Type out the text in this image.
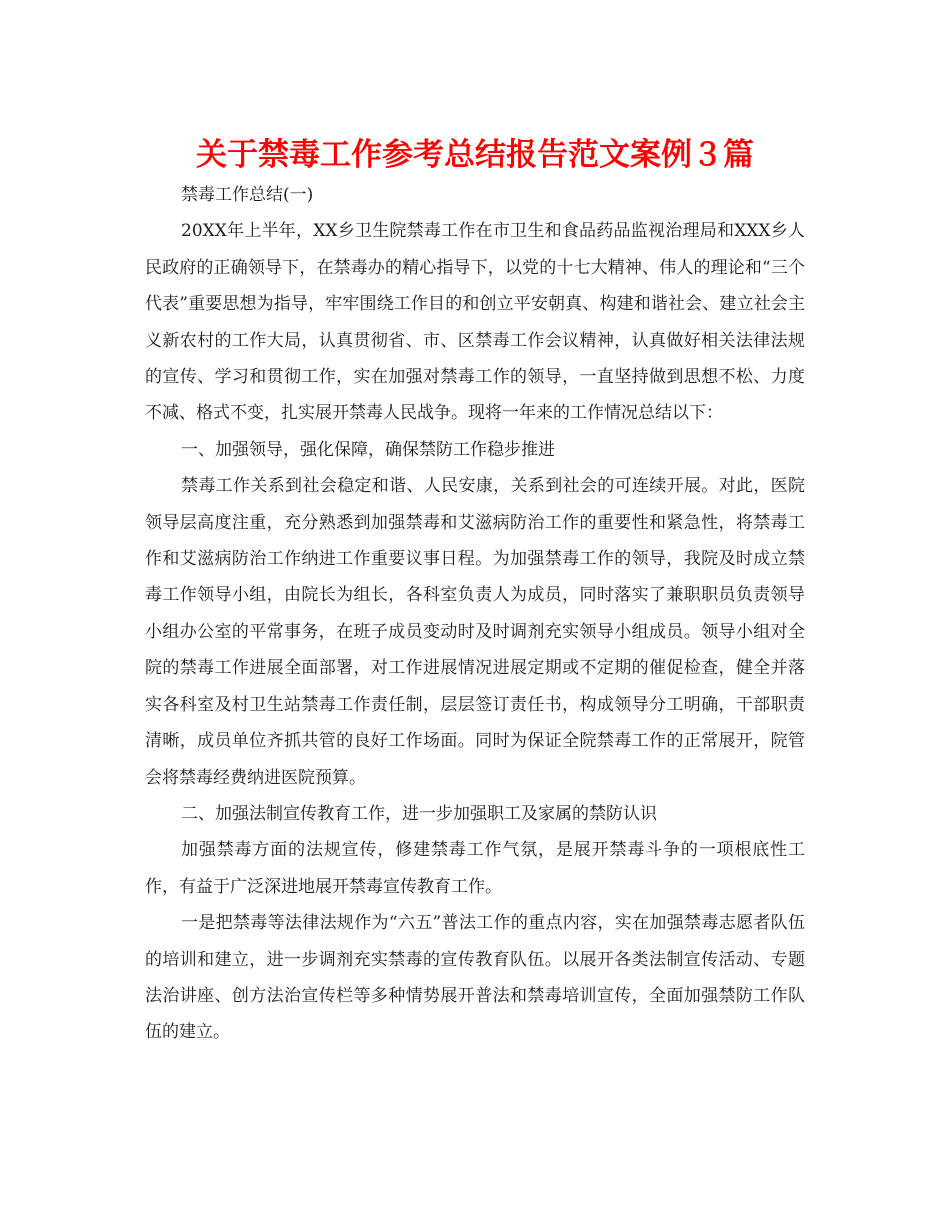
关于禁毒工作参考总结报告范文案例３篇

禁毒工作总结(一)

20XX年上半年，XX乡卫生院禁毒工作在市卫生和食品药品监视治理局和XXX乡人民政府的正确领导下，在禁毒办的精心指导下，以党的十七大精神、伟人的理论和“三个代表”重要思想为指导，牢牢围绕工作目的和创立平安朝真、构建和谐社会、建立社会主义新农村的工作大局，认真贯彻省、市、区禁毒工作会议精神，认真做好相关法律法规的宣传、学习和贯彻工作，实在加强对禁毒工作的领导，一直坚持做到思想不松、力度不减、格式不变，扎实展开禁毒人民战争。现将一年来的工作情况总结以下：

一、加强领导，强化保障，确保禁防工作稳步推进

禁毒工作关系到社会稳定和谐、人民安康，关系到社会的可连续开展。对此，医院领导层高度注重，充分熟悉到加强禁毒和艾滋病防治工作的重要性和紧急性，将禁毒工作和艾滋病防治工作纳进工作重要议事日程。为加强禁毒工作的领导，我院及时成立禁毒工作领导小组，由院长为组长，各科室负责人为成员，同时落实了兼职职员负责领导小组办公室的平常事务，在班子成员变动时及时调剂充实领导小组成员。领导小组对全院的禁毒工作进展全面部署，对工作进展情况进展定期或不定期的催促检查，健全并落实各科室及村卫生站禁毒工作责任制，层层签订责任书，构成领导分工明确，干部职责清晰，成员单位齐抓共管的良好工作场面。同时为保证全院禁毒工作的正常展开，院管会将禁毒经费纳进医院预算。

二、加强法制宣传教育工作，进一步加强职工及家属的禁防认识

加强禁毒方面的法规宣传，修建禁毒工作气氛，是展开禁毒斗争的一项根底性工作，有益于广泛深进地展开禁毒宣传教育工作。

一是把禁毒等法律法规作为“六五”普法工作的重点内容，实在加强禁毒志愿者队伍的培训和建立，进一步调剂充实禁毒的宣传教育队伍。以展开各类法制宣传活动、专题法治讲座、创方法治宣传栏等多种情势展开普法和禁毒培训宣传，全面加强禁防工作队伍的建立。
